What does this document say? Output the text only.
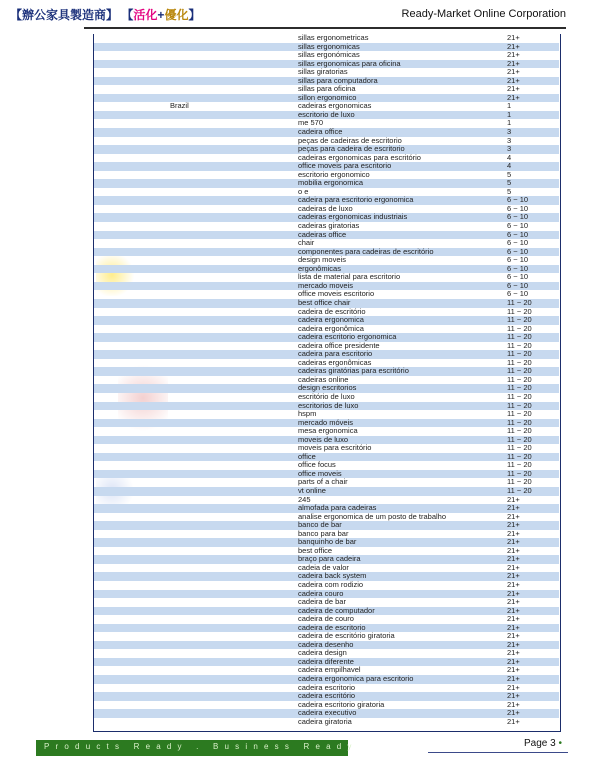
【辦公家具製造商】 【活化+優化】	Ready-Market Online Corporation
sillas ergonometricas	21+
sillas ergonomicas	21+
sillas ergonómicas	21+
sillas ergonomicas para oficina	21+
sillas giratorias	21+
sillas para computadora	21+
sillas para oficina	21+
sillon ergonomico	21+
Brazil	cadeiras ergonomicas	1
escritorio de luxo	1
me 570	1
cadeira office	3
peças de cadeiras de escritorio	3
peças para cadeira de escritorio	3
cadeiras ergonomicas para escritório	4
office moveis para escritorio	4
escritorio ergonomico	5
mobilia ergonomica	5
o e	5
cadeira para escritorio ergonomica	6 ~ 10
cadeiras de luxo	6 ~ 10
cadeiras ergonomicas industriais	6 ~ 10
cadeiras giratorias	6 ~ 10
cadeiras office	6 ~ 10
chair	6 ~ 10
componentes para cadeiras de escritório	6 ~ 10
design moveis	6 ~ 10
ergonômicas	6 ~ 10
lista de material para escritorio	6 ~ 10
mercado moveis	6 ~ 10
office moveis escritorio	6 ~ 10
best office chair	11 ~ 20
cadeira de escritório	11 ~ 20
cadeira ergonomica	11 ~ 20
cadeira ergonômica	11 ~ 20
cadeira escritorio ergonomica	11 ~ 20
cadeira office presidente	11 ~ 20
cadeira para escritorio	11 ~ 20
cadeiras ergonômicas	11 ~ 20
cadeiras giratórias para escritório	11 ~ 20
cadeiras online	11 ~ 20
design escritorios	11 ~ 20
escritório de luxo	11 ~ 20
escritorios de luxo	11 ~ 20
hspm	11 ~ 20
mercado móveis	11 ~ 20
mesa ergonomica	11 ~ 20
moveis de luxo	11 ~ 20
moveis para escritório	11 ~ 20
office	11 ~ 20
office focus	11 ~ 20
office moveis	11 ~ 20
parts of a chair	11 ~ 20
vt online	11 ~ 20
245	21+
almofada para cadeiras	21+
analise ergonomica de um posto de trabalho	21+
banco de bar	21+
banco para bar	21+
banquinho de bar	21+
best office	21+
braço para cadeira	21+
cadeia de valor	21+
cadeira back system	21+
cadeira com rodizio	21+
cadeira couro	21+
cadeira de bar	21+
cadeira de computador	21+
cadeira de couro	21+
cadeira de escritorio	21+
cadeira de escritório giratoria	21+
cadeira desenho	21+
cadeira design	21+
cadeira diferente	21+
cadeira empilhavel	21+
cadeira ergonomica para escritorio	21+
cadeira escritorio	21+
cadeira escritório	21+
cadeira escritorio giratoria	21+
cadeira executivo	21+
cadeira giratoria	21+
Products Ready . Business Ready	Page 3 •
